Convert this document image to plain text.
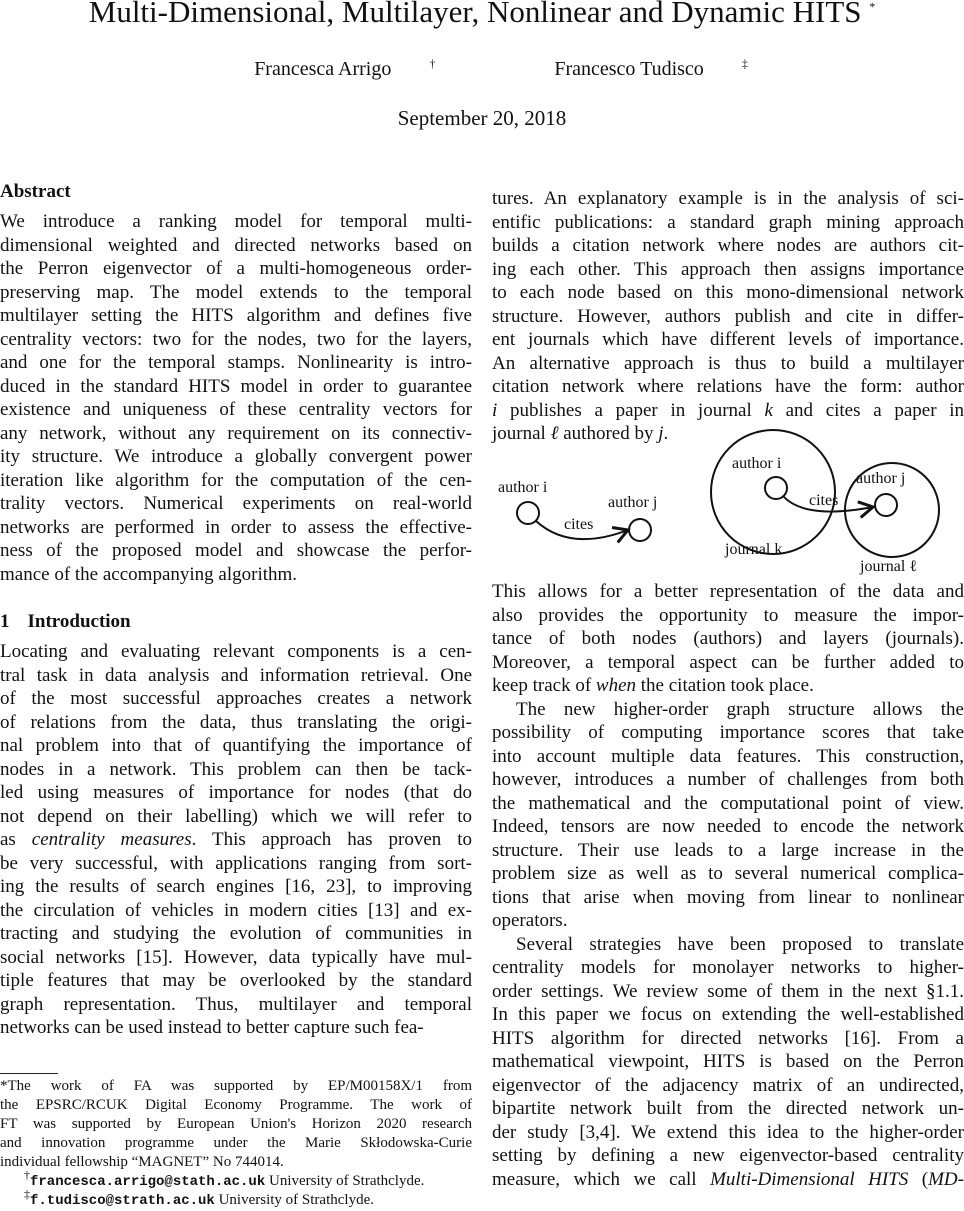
Multi-Dimensional, Multilayer, Nonlinear and Dynamic HITS *
Francesca Arrigo	†	Francesco Tudisco	‡
September 20, 2018
Abstract
We introduce a ranking model for temporal multi-
dimensional weighted and directed networks based on
the Perron eigenvector of a multi-homogeneous order-
preserving map. The model extends to the temporal
multilayer setting the HITS algorithm and defines five
centrality vectors: two for the nodes, two for the layers,
and one for the temporal stamps. Nonlinearity is intro-
duced in the standard HITS model in order to guarantee
existence and uniqueness of these centrality vectors for
any network, without any requirement on its connectiv-
ity structure. We introduce a globally convergent power
iteration like algorithm for the computation of the cen-
trality vectors. Numerical experiments on real-world
networks are performed in order to assess the effective-
ness of the proposed model and showcase the perfor-
mance of the accompanying algorithm.
1 Introduction
Locating and evaluating relevant components is a cen-
tral task in data analysis and information retrieval. One
of the most successful approaches creates a network
of relations from the data, thus translating the origi-
nal problem into that of quantifying the importance of
nodes in a network. This problem can then be tack-
led using measures of importance for nodes (that do
not depend on their labelling) which we will refer to
as centrality measures. This approach has proven to
be very successful, with applications ranging from sort-
ing the results of search engines [16, 23], to improving
the circulation of vehicles in modern cities [13] and ex-
tracting and studying the evolution of communities in
social networks [15]. However, data typically have mul-
tiple features that may be overlooked by the standard
graph representation. Thus, multilayer and temporal
networks can be used instead to better capture such fea-
*The work of FA was supported by EP/M00158X/1 from
the EPSRC/RCUK Digital Economy Programme. The work of
FT was supported by European Union's Horizon 2020 research
and innovation programme under the Marie Skłodowska-Curie
individual fellowship “MAGNET” No 744014.
†francesca.arrigo@stath.ac.uk University of Strathclyde.
‡f.tudisco@strath.ac.uk University of Strathclyde.
tures. An explanatory example is in the analysis of sci-
entific publications: a standard graph mining approach
builds a citation network where nodes are authors cit-
ing each other. This approach then assigns importance
to each node based on this mono-dimensional network
structure. However, authors publish and cite in differ-
ent journals which have different levels of importance.
An alternative approach is thus to build a multilayer
citation network where relations have the form: author
i publishes a paper in journal k and cites a paper in
journal ℓ authored by j.
author i
author j
cites
author i
author j
cites
journal k
journal ℓ
This allows for a better representation of the data and
also provides the opportunity to measure the impor-
tance of both nodes (authors) and layers (journals).
Moreover, a temporal aspect can be further added to
keep track of when the citation took place.
The new higher-order graph structure allows the
possibility of computing importance scores that take
into account multiple data features. This construction,
however, introduces a number of challenges from both
the mathematical and the computational point of view.
Indeed, tensors are now needed to encode the network
structure. Their use leads to a large increase in the
problem size as well as to several numerical complica-
tions that arise when moving from linear to nonlinear
operators.
Several strategies have been proposed to translate
centrality models for monolayer networks to higher-
order settings. We review some of them in the next §1.1.
In this paper we focus on extending the well-established
HITS algorithm for directed networks [16]. From a
mathematical viewpoint, HITS is based on the Perron
eigenvector of the adjacency matrix of an undirected,
bipartite network built from the directed network un-
der study [3,4]. We extend this idea to the higher-order
setting by defining a new eigenvector-based centrality
measure, which we call Multi-Dimensional HITS (MD-
